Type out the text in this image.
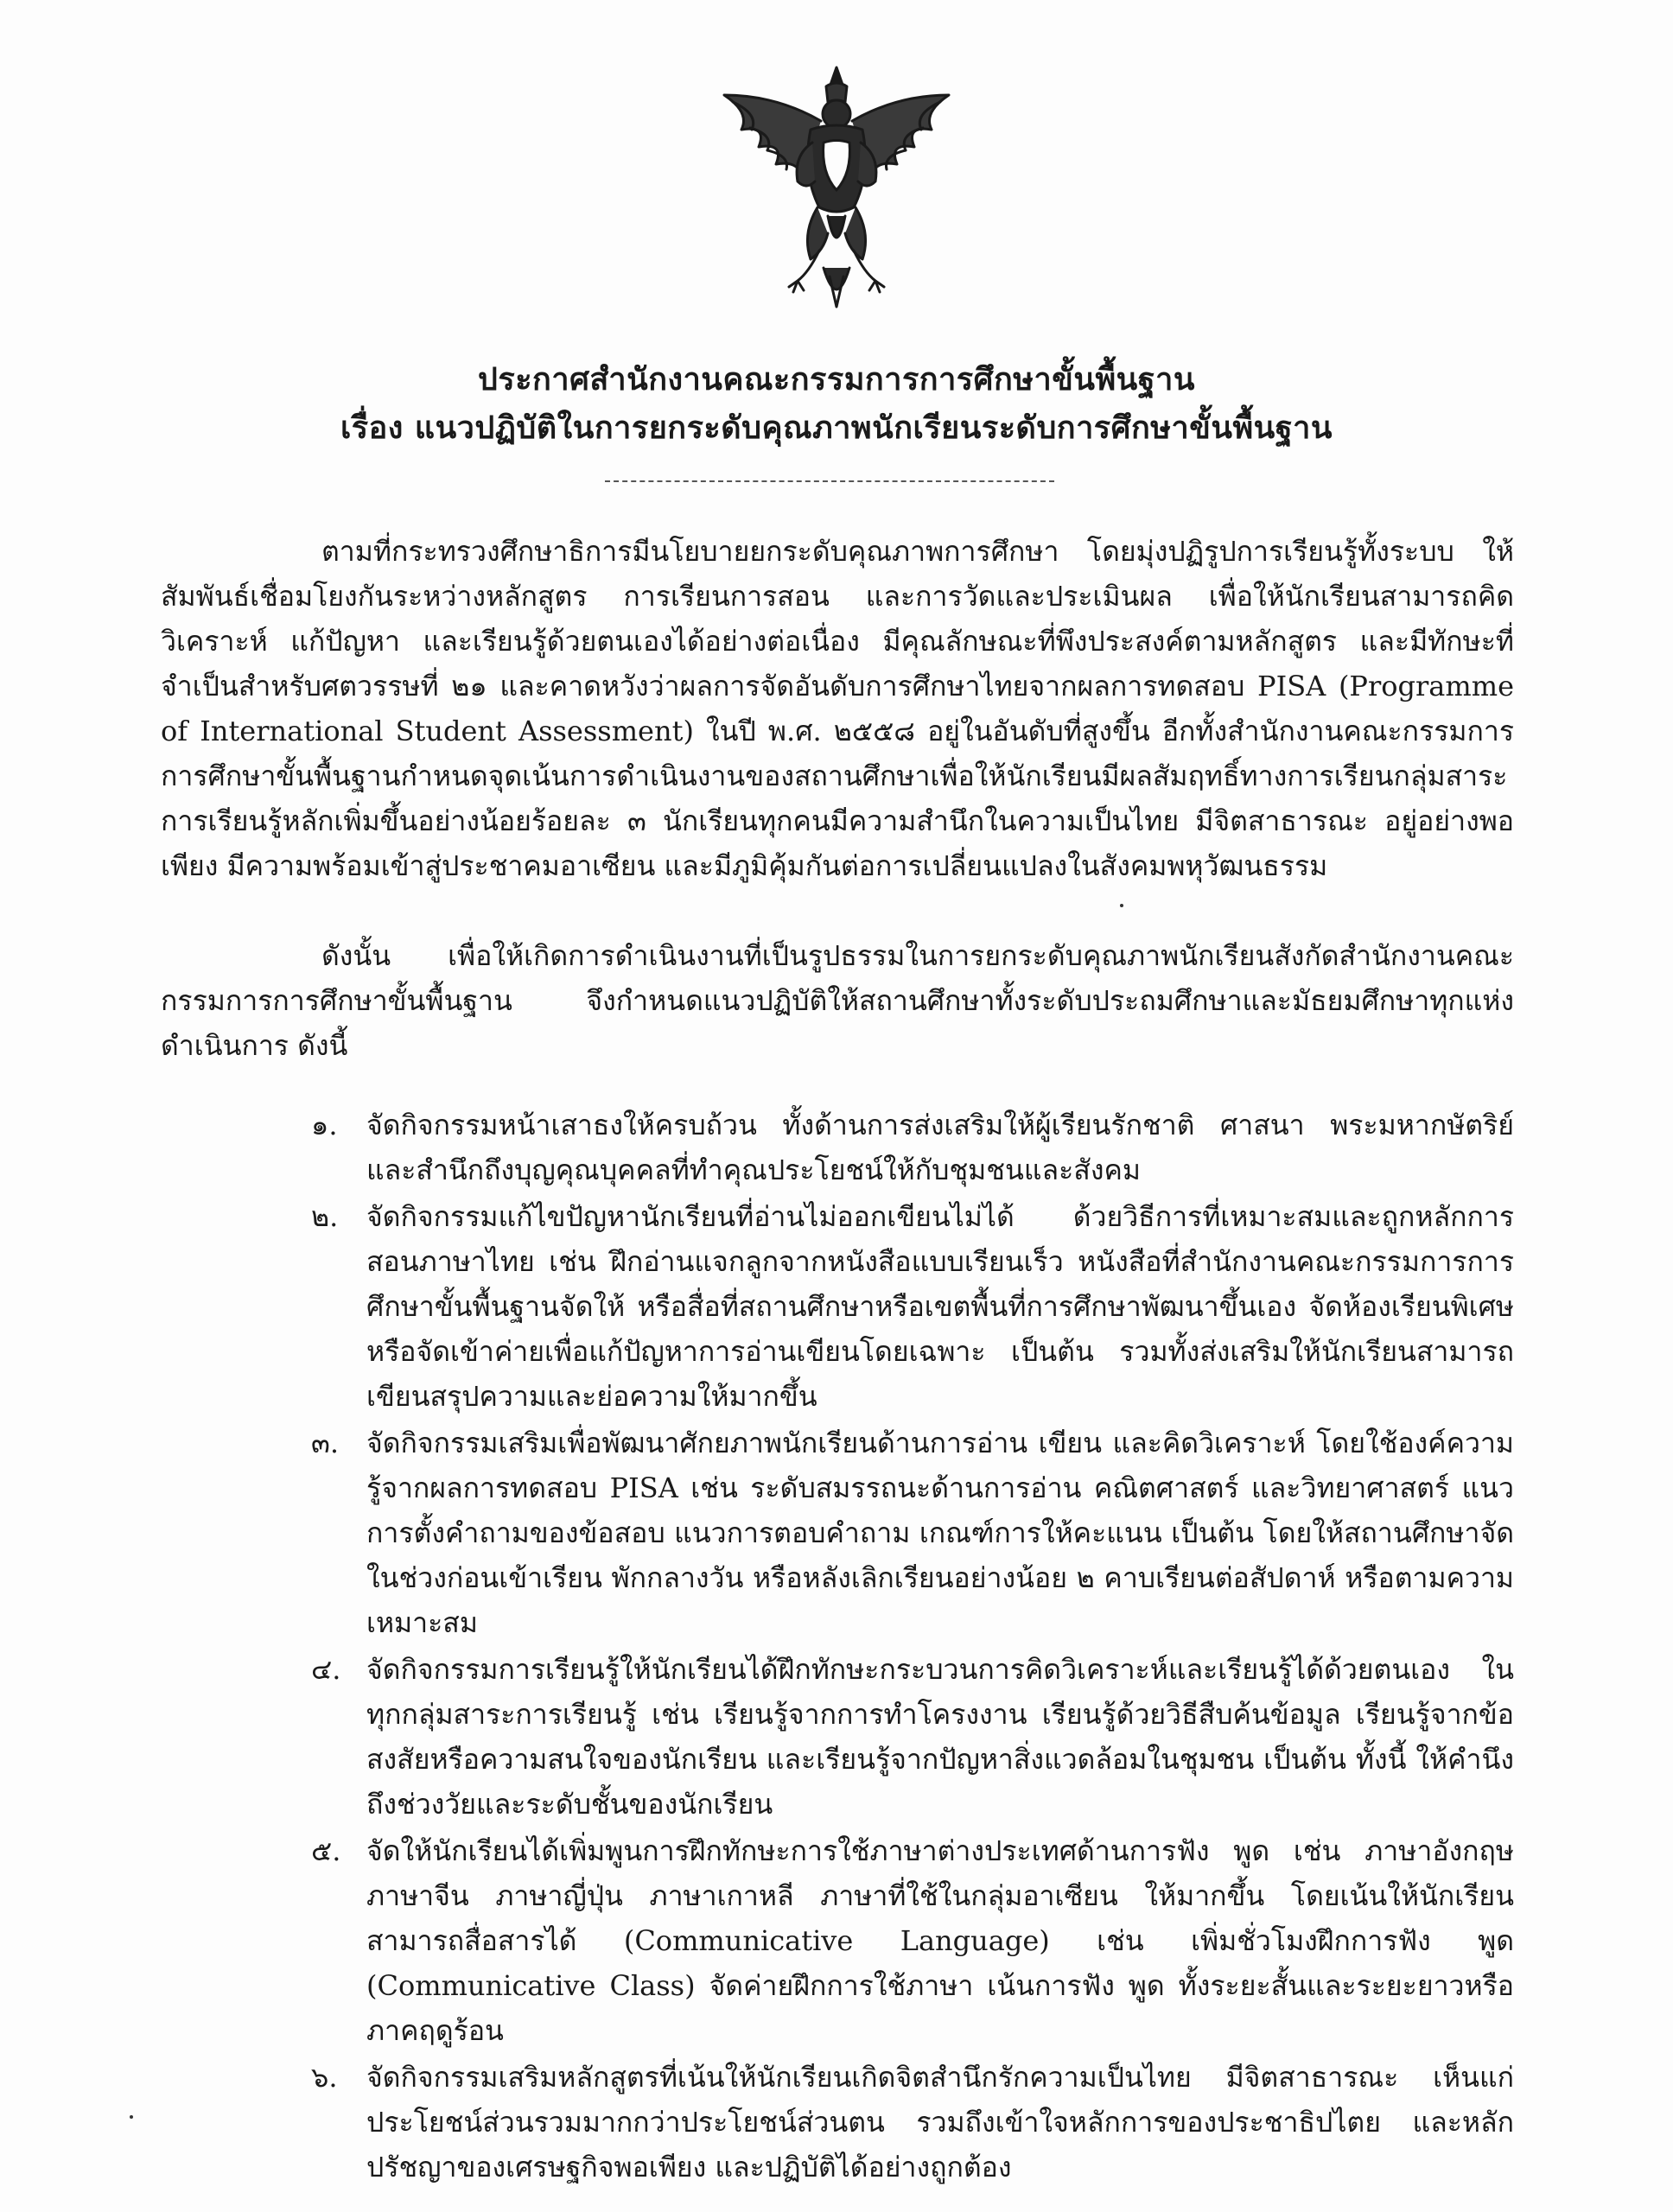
ประกาศสำนักงานคณะกรรมการการศึกษาขั้นพื้นฐาน
เรื่อง แนวปฏิบัติในการยกระดับคุณภาพนักเรียนระดับการศึกษาขั้นพื้นฐาน

ตามที่กระทรวงศึกษาธิการมีนโยบายยกระดับคุณภาพการศึกษา โดยมุ่งปฏิรูปการเรียนรู้ทั้งระบบ ให้สัมพันธ์เชื่อมโยงกันระหว่างหลักสูตร การเรียนการสอน และการวัดและประเมินผล เพื่อให้นักเรียนสามารถคิดวิเคราะห์ แก้ปัญหา และเรียนรู้ด้วยตนเองได้อย่างต่อเนื่อง มีคุณลักษณะที่พึงประสงค์ตามหลักสูตร และมีทักษะที่จำเป็นสำหรับศตวรรษที่ ๒๑ และคาดหวังว่าผลการจัดอันดับการศึกษาไทยจากผลการทดสอบ PISA (Programme of International Student Assessment) ในปี พ.ศ. ๒๕๕๘ อยู่ในอันดับที่สูงขึ้น อีกทั้งสำนักงานคณะกรรมการการศึกษาขั้นพื้นฐานกำหนดจุดเน้นการดำเนินงานของสถานศึกษาเพื่อให้นักเรียนมีผลสัมฤทธิ์ทางการเรียนกลุ่มสาระการเรียนรู้หลักเพิ่มขึ้นอย่างน้อยร้อยละ ๓ นักเรียนทุกคนมีความสำนึกในความเป็นไทย มีจิตสาธารณะ อยู่อย่างพอเพียง มีความพร้อมเข้าสู่ประชาคมอาเซียน และมีภูมิคุ้มกันต่อการเปลี่ยนแปลงในสังคมพหุวัฒนธรรม

ดังนั้น เพื่อให้เกิดการดำเนินงานที่เป็นรูปธรรมในการยกระดับคุณภาพนักเรียนสังกัดสำนักงานคณะกรรมการการศึกษาขั้นพื้นฐาน จึงกำหนดแนวปฏิบัติให้สถานศึกษาทั้งระดับประถมศึกษาและมัธยมศึกษาทุกแห่งดำเนินการ ดังนี้

๑.	จัดกิจกรรมหน้าเสาธงให้ครบถ้วน ทั้งด้านการส่งเสริมให้ผู้เรียนรักชาติ ศาสนา พระมหากษัตริย์ และสำนึกถึงบุญคุณบุคคลที่ทำคุณประโยชน์ให้กับชุมชนและสังคม
๒.	จัดกิจกรรมแก้ไขปัญหานักเรียนที่อ่านไม่ออกเขียนไม่ได้ ด้วยวิธีการที่เหมาะสมและถูกหลักการสอนภาษาไทย เช่น ฝึกอ่านแจกลูกจากหนังสือแบบเรียนเร็ว หนังสือที่สำนักงานคณะกรรมการการศึกษาขั้นพื้นฐานจัดให้ หรือสื่อที่สถานศึกษาหรือเขตพื้นที่การศึกษาพัฒนาขึ้นเอง จัดห้องเรียนพิเศษหรือจัดเข้าค่ายเพื่อแก้ปัญหาการอ่านเขียนโดยเฉพาะ เป็นต้น รวมทั้งส่งเสริมให้นักเรียนสามารถเขียนสรุปความและย่อความให้มากขึ้น
๓. จัดกิจกรรมเสริมเพื่อพัฒนาศักยภาพนักเรียนด้านการอ่าน เขียน และคิดวิเคราะห์ โดยใช้องค์ความรู้จากผลการทดสอบ PISA เช่น ระดับสมรรถนะด้านการอ่าน คณิตศาสตร์ และวิทยาศาสตร์ แนวการตั้งคำถามของข้อสอบ แนวการตอบคำถาม เกณฑ์การให้คะแนน เป็นต้น โดยให้สถานศึกษาจัดในช่วงก่อนเข้าเรียน พักกลางวัน หรือหลังเลิกเรียนอย่างน้อย ๒ คาบเรียนต่อสัปดาห์ หรือตามความเหมาะสม
๔. จัดกิจกรรมการเรียนรู้ให้นักเรียนได้ฝึกทักษะกระบวนการคิดวิเคราะห์และเรียนรู้ได้ด้วยตนเอง ในทุกกลุ่มสาระการเรียนรู้ เช่น เรียนรู้จากการทำโครงงาน เรียนรู้ด้วยวิธีสืบค้นข้อมูล เรียนรู้จากข้อสงสัยหรือความสนใจของนักเรียน และเรียนรู้จากปัญหาสิ่งแวดล้อมในชุมชน เป็นต้น ทั้งนี้ ให้คำนึงถึงช่วงวัยและระดับชั้นของนักเรียน
๕. จัดให้นักเรียนได้เพิ่มพูนการฝึกทักษะการใช้ภาษาต่างประเทศด้านการฟัง พูด เช่น ภาษาอังกฤษ ภาษาจีน ภาษาญี่ปุ่น ภาษาเกาหลี ภาษาที่ใช้ในกลุ่มอาเซียน ให้มากขึ้น โดยเน้นให้นักเรียนสามารถสื่อสารได้ (Communicative Language) เช่น เพิ่มชั่วโมงฝึกการฟัง พูด (Communicative Class) จัดค่ายฝึกการใช้ภาษา เน้นการฟัง พูด ทั้งระยะสั้นและระยะยาวหรือภาคฤดูร้อน
๖.	จัดกิจกรรมเสริมหลักสูตรที่เน้นให้นักเรียนเกิดจิตสำนึกรักความเป็นไทย มีจิตสาธารณะ เห็นแก่ประโยชน์ส่วนรวมมากกว่าประโยชน์ส่วนตน รวมถึงเข้าใจหลักการของประชาธิปไตย และหลักปรัชญาของเศรษฐกิจพอเพียง และปฏิบัติได้อย่างถูกต้อง
